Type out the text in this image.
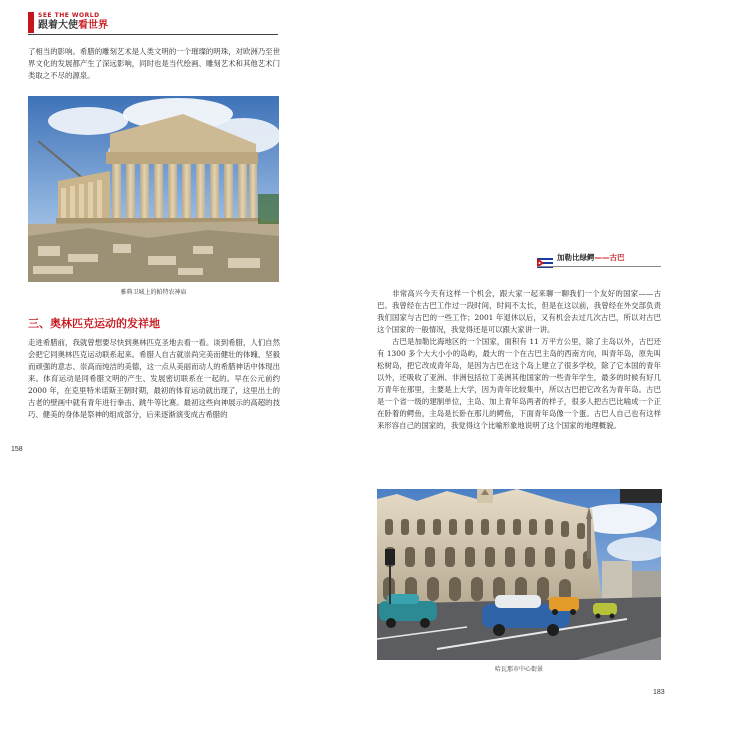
SEE THE WORLD
跟着大使看世界
了相当的影响。希腊的雕刻艺术是人类文明的一个璀璨的明珠，对欧洲乃至世界文化的发展都产生了深远影响，同时也是当代绘画、雕刻艺术和其他艺术门类取之不尽的源泉。
雅典卫城上的帕特农神庙
三、奥林匹克运动的发祥地
走进希腊前，我就曾想要尽快到奥林匹克圣地去看一看。谈到希腊，人们自然会把它同奥林匹克运动联系起来。希腊人自古就崇尚完美而健壮的体魄、坚毅而顽强的意志、崇高而纯洁的美德，这一点从美丽而动人的希腊神话中体现出来。体育运动是同希腊文明的产生、发展密切联系在一起的。早在公元前约 2000 年，在克里特米诺斯王朝时期，最初的体育运动就出现了，这里出土的古老的壁画中就有青年进行拳击、跳牛等比赛。最初这些向神展示的高超的技巧、健美的身体是祭神的组成部分，后来逐渐演变成古希腊的
158
加勒比绿鳄——古巴
非常高兴今天有这样一个机会，跟大家一起来聊一聊我们一个友好的国家——古巴。我曾经在古巴工作过一段时间，时间不太长，但是在这以前，我曾经在外交部负责我们国家与古巴的一些工作；2001 年退休以后，又有机会去过几次古巴，所以对古巴这个国家的一般情况，我觉得还是可以跟大家讲一讲。
古巴是加勒比海地区的一个国家，面积有 11 万平方公里，除了主岛以外，古巴还有 1300 多个大大小小的岛屿，最大的一个在古巴主岛的西南方向，叫青年岛，原先叫松树岛，把它改成青年岛，是因为古巴在这个岛上建立了很多学校，除了它本国的青年以外，还吸收了亚洲、非洲包括拉丁美洲其他国家的一些青年学生，最多的时候有好几万青年在那里，主要是上大学，因为青年比较集中，所以古巴把它改名为青年岛。古巴是一个省一级的建制单位，主岛、加上青年岛两者的样子，很多人把古巴比喻成一个正在卧着的鳄鱼，主岛是长卧在那儿的鳄鱼，下面青年岛像一个蛋。古巴人自己也有这样来形容自己的国家的，我觉得这个比喻形象地说明了这个国家的地理概貌。
哈瓦那市中心街景
183
